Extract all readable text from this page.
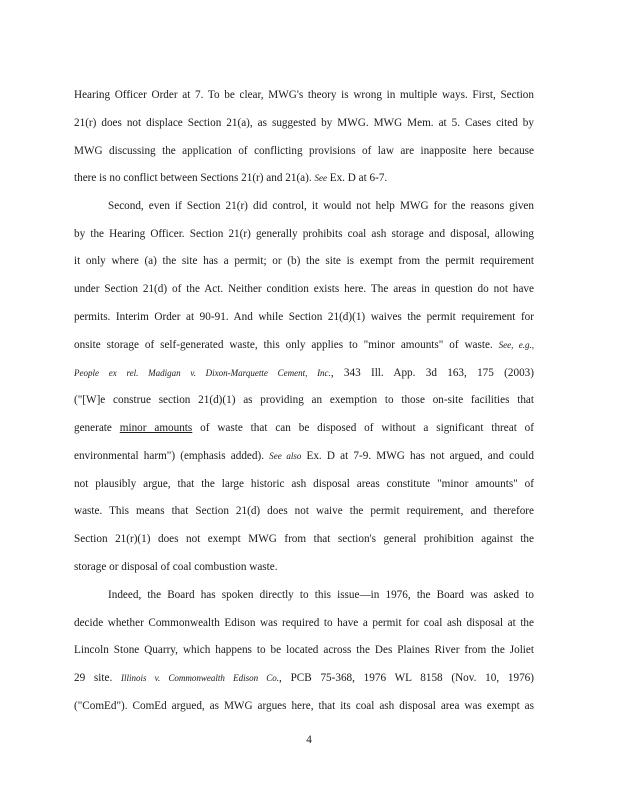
Hearing Officer Order at 7. To be clear, MWG's theory is wrong in multiple ways. First, Section
21(r) does not displace Section 21(a), as suggested by MWG. MWG Mem. at 5. Cases cited by
MWG discussing the application of conflicting provisions of law are inapposite here because
there is no conflict between Sections 21(r) and 21(a). See Ex. D at 6-7.
Second, even if Section 21(r) did control, it would not help MWG for the reasons given
by the Hearing Officer. Section 21(r) generally prohibits coal ash storage and disposal, allowing
it only where (a) the site has a permit; or (b) the site is exempt from the permit requirement
under Section 21(d) of the Act. Neither condition exists here. The areas in question do not have
permits. Interim Order at 90-91. And while Section 21(d)(1) waives the permit requirement for
onsite storage of self-generated waste, this only applies to "minor amounts" of waste. See, e.g.,
People ex rel. Madigan v. Dixon-Marquette Cement, Inc., 343 Ill. App. 3d 163, 175 (2003)
("[W]e construe section 21(d)(1) as providing an exemption to those on-site facilities that
generate minor amounts of waste that can be disposed of without a significant threat of
environmental harm") (emphasis added). See also Ex. D at 7-9. MWG has not argued, and could
not plausibly argue, that the large historic ash disposal areas constitute "minor amounts" of
waste. This means that Section 21(d) does not waive the permit requirement, and therefore
Section 21(r)(1) does not exempt MWG from that section's general prohibition against the
storage or disposal of coal combustion waste.
Indeed, the Board has spoken directly to this issue—in 1976, the Board was asked to
decide whether Commonwealth Edison was required to have a permit for coal ash disposal at the
Lincoln Stone Quarry, which happens to be located across the Des Plaines River from the Joliet
29 site. Illinois v. Commonwealth Edison Co., PCB 75-368, 1976 WL 8158 (Nov. 10, 1976)
("ComEd"). ComEd argued, as MWG argues here, that its coal ash disposal area was exempt as
4
